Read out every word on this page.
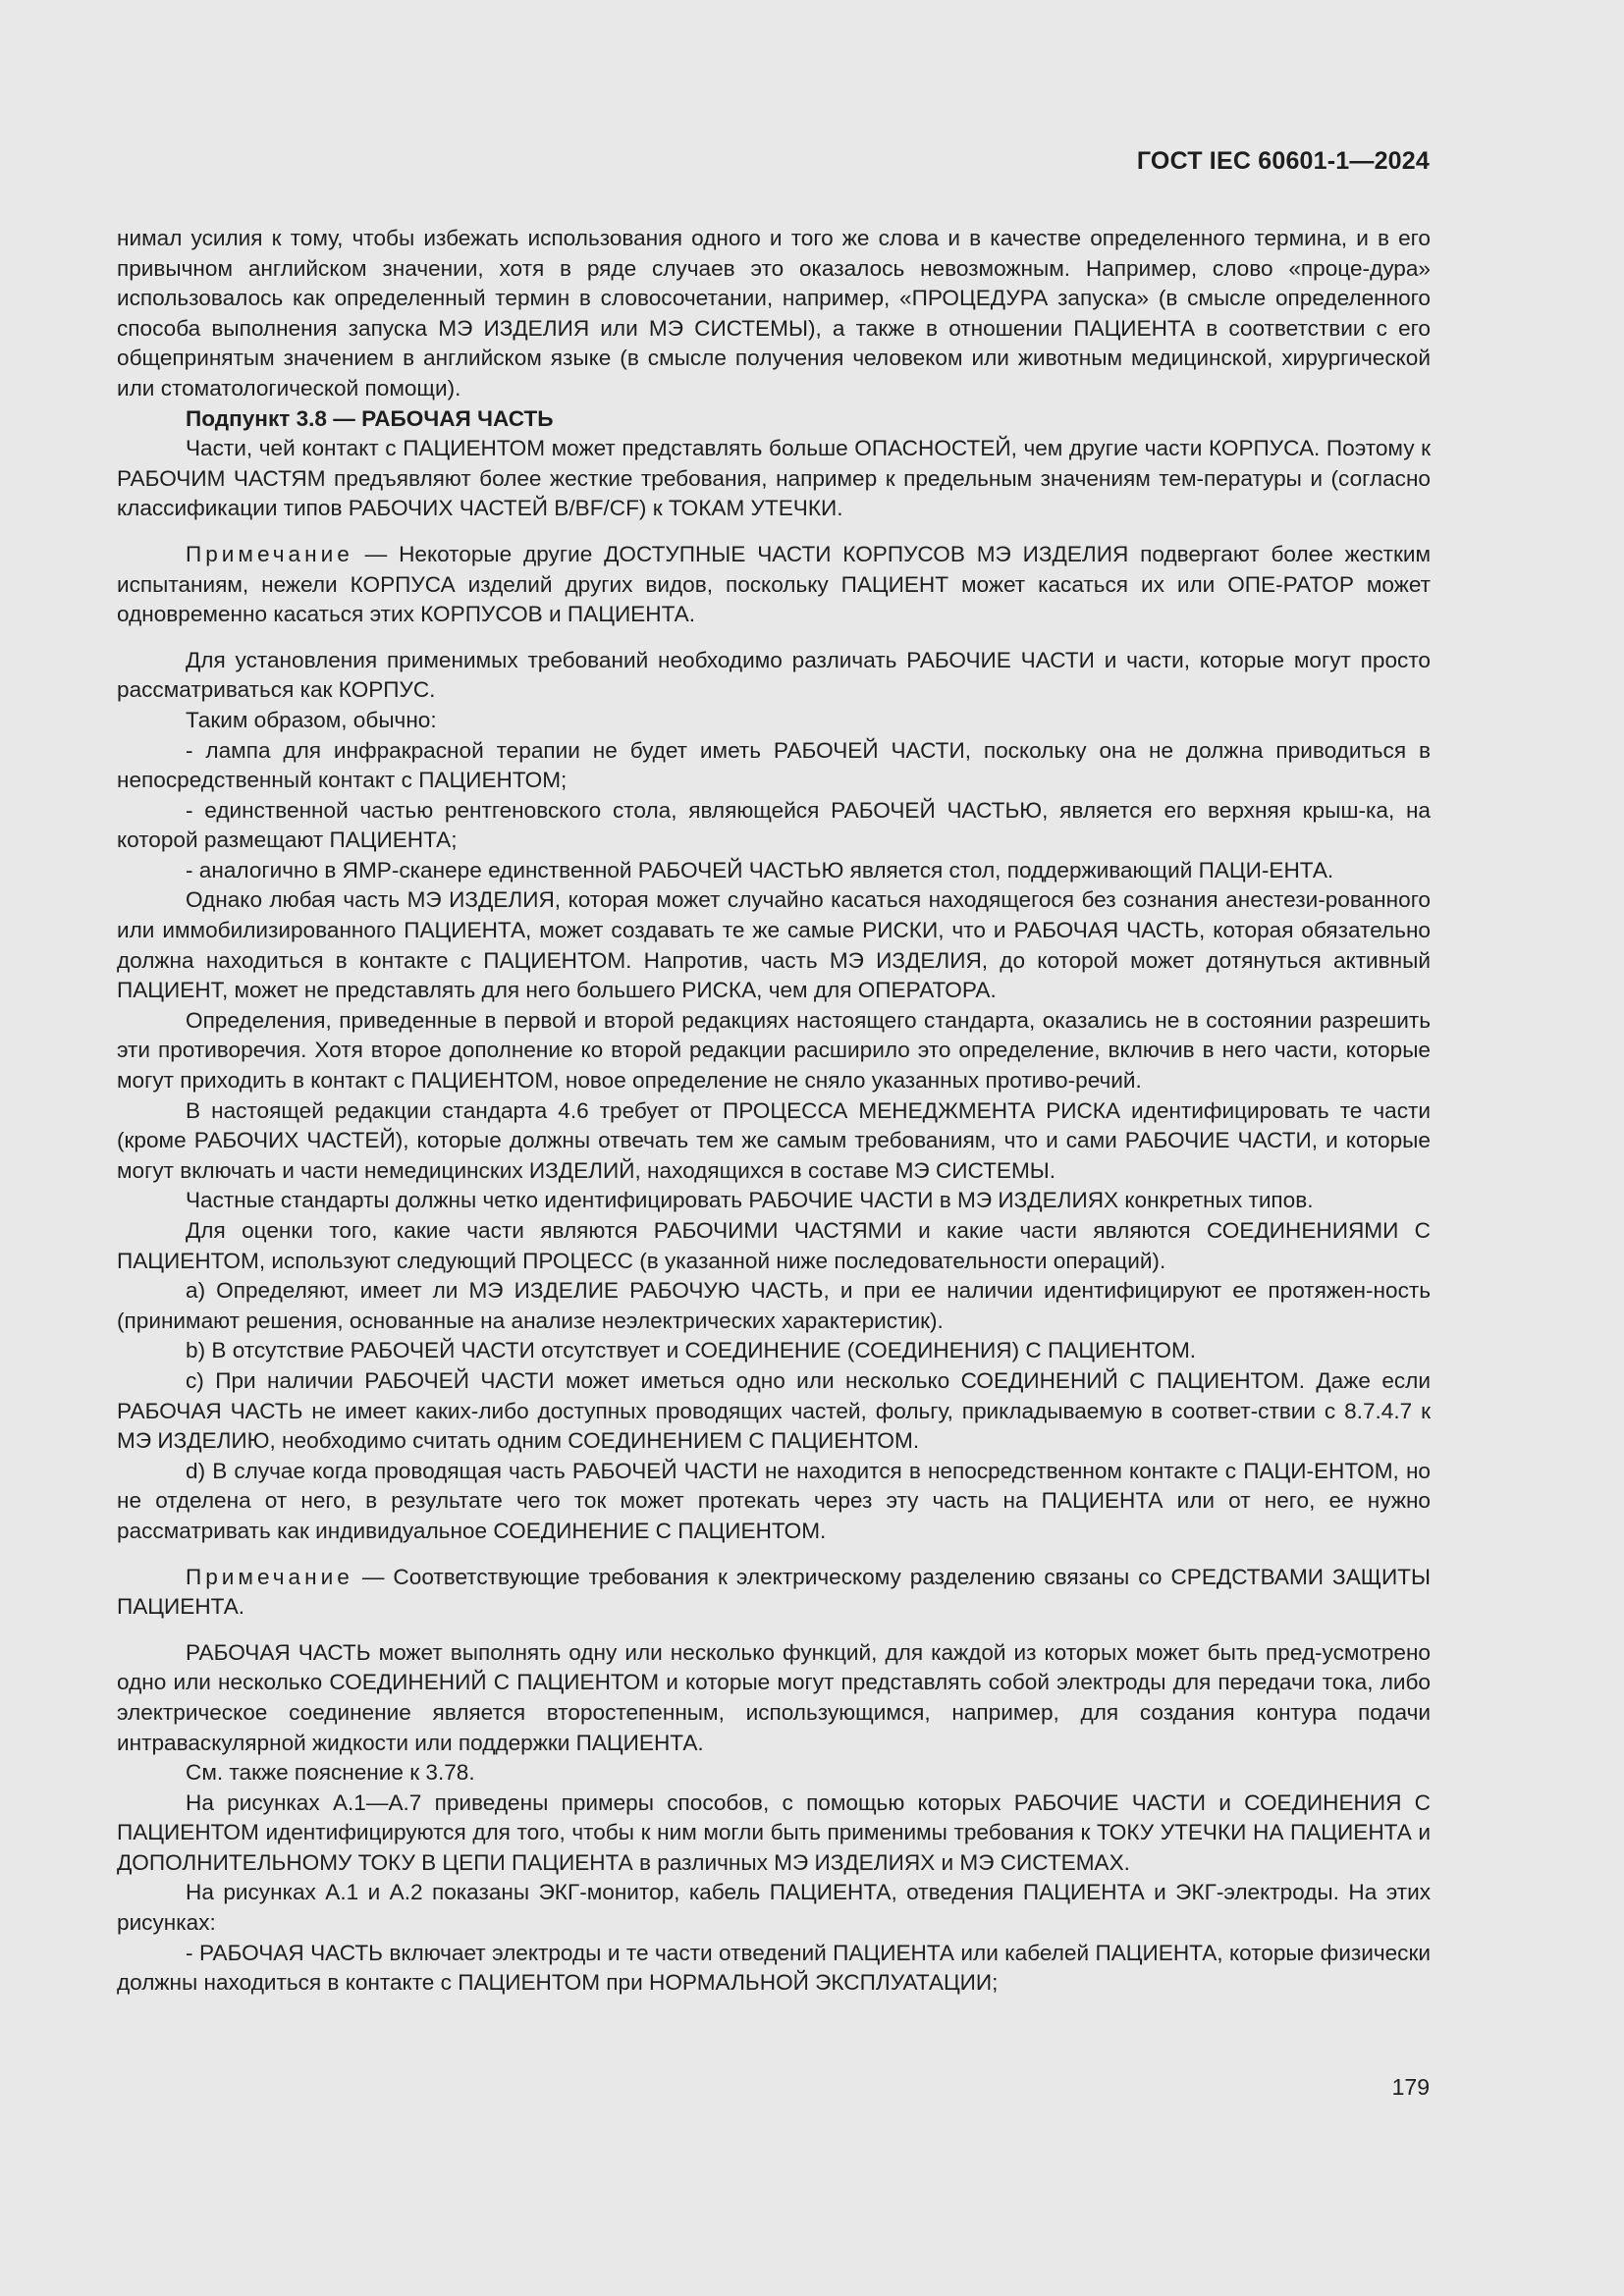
ГОСТ IEC 60601-1—2024

нимал усилия к тому, чтобы избежать использования одного и того же слова и в качестве определенного термина, и в его привычном английском значении, хотя в ряде случаев это оказалось невозможным. Например, слово «проце-дура» использовалось как определенный термин в словосочетании, например, «ПРОЦЕДУРА запуска» (в смысле определенного способа выполнения запуска МЭ ИЗДЕЛИЯ или МЭ СИСТЕМЫ), а также в отношении ПАЦИЕНТА в соответствии с его общепринятым значением в английском языке (в смысле получения человеком или животным медицинской, хирургической или стоматологической помощи).

Подпункт 3.8 — РАБОЧАЯ ЧАСТЬ

Части, чей контакт с ПАЦИЕНТОМ может представлять больше ОПАСНОСТЕЙ, чем другие части КОРПУСА. Поэтому к РАБОЧИМ ЧАСТЯМ предъявляют более жесткие требования, например к предельным значениям тем-пературы и (согласно классификации типов РАБОЧИХ ЧАСТЕЙ B/BF/CF) к ТОКАМ УТЕЧКИ.

Примечание — Некоторые другие ДОСТУПНЫЕ ЧАСТИ КОРПУСОВ МЭ ИЗДЕЛИЯ подвергают более жестким испытаниям, нежели КОРПУСА изделий других видов, поскольку ПАЦИЕНТ может касаться их или ОПЕ-РАТОР может одновременно касаться этих КОРПУСОВ и ПАЦИЕНТА.

Для установления применимых требований необходимо различать РАБОЧИЕ ЧАСТИ и части, которые могут просто рассматриваться как КОРПУС.

Таким образом, обычно:

- лампа для инфракрасной терапии не будет иметь РАБОЧЕЙ ЧАСТИ, поскольку она не должна приводиться в непосредственный контакт с ПАЦИЕНТОМ;

- единственной частью рентгеновского стола, являющейся РАБОЧЕЙ ЧАСТЬЮ, является его верхняя крыш-ка, на которой размещают ПАЦИЕНТА;

- аналогично в ЯМР-сканере единственной РАБОЧЕЙ ЧАСТЬЮ является стол, поддерживающий ПАЦИ-ЕНТА.

Однако любая часть МЭ ИЗДЕЛИЯ, которая может случайно касаться находящегося без сознания анестези-рованного или иммобилизированного ПАЦИЕНТА, может создавать те же самые РИСКИ, что и РАБОЧАЯ ЧАСТЬ, которая обязательно должна находиться в контакте с ПАЦИЕНТОМ. Напротив, часть МЭ ИЗДЕЛИЯ, до которой может дотянуться активный ПАЦИЕНТ, может не представлять для него большего РИСКА, чем для ОПЕРАТОРА.

Определения, приведенные в первой и второй редакциях настоящего стандарта, оказались не в состоянии разрешить эти противоречия. Хотя второе дополнение ко второй редакции расширило это определение, включив в него части, которые могут приходить в контакт с ПАЦИЕНТОМ, новое определение не сняло указанных противо-речий.

В настоящей редакции стандарта 4.6 требует от ПРОЦЕССА МЕНЕДЖМЕНТА РИСКА идентифицировать те части (кроме РАБОЧИХ ЧАСТЕЙ), которые должны отвечать тем же самым требованиям, что и сами РАБОЧИЕ ЧАСТИ, и которые могут включать и части немедицинских ИЗДЕЛИЙ, находящихся в составе МЭ СИСТЕМЫ.

Частные стандарты должны четко идентифицировать РАБОЧИЕ ЧАСТИ в МЭ ИЗДЕЛИЯХ конкретных типов.

Для оценки того, какие части являются РАБОЧИМИ ЧАСТЯМИ и какие части являются СОЕДИНЕНИЯМИ С ПАЦИЕНТОМ, используют следующий ПРОЦЕСС (в указанной ниже последовательности операций).

a) Определяют, имеет ли МЭ ИЗДЕЛИЕ РАБОЧУЮ ЧАСТЬ, и при ее наличии идентифицируют ее протяжен-ность (принимают решения, основанные на анализе неэлектрических характеристик).

b) В отсутствие РАБОЧЕЙ ЧАСТИ отсутствует и СОЕДИНЕНИЕ (СОЕДИНЕНИЯ) С ПАЦИЕНТОМ.

c) При наличии РАБОЧЕЙ ЧАСТИ может иметься одно или несколько СОЕДИНЕНИЙ С ПАЦИЕНТОМ. Даже если РАБОЧАЯ ЧАСТЬ не имеет каких-либо доступных проводящих частей, фольгу, прикладываемую в соответ-ствии с 8.7.4.7 к МЭ ИЗДЕЛИЮ, необходимо считать одним СОЕДИНЕНИЕМ С ПАЦИЕНТОМ.

d) В случае когда проводящая часть РАБОЧЕЙ ЧАСТИ не находится в непосредственном контакте с ПАЦИ-ЕНТОМ, но не отделена от него, в результате чего ток может протекать через эту часть на ПАЦИЕНТА или от него, ее нужно рассматривать как индивидуальное СОЕДИНЕНИЕ С ПАЦИЕНТОМ.

Примечание — Соответствующие требования к электрическому разделению связаны со СРЕДСТВАМИ ЗАЩИТЫ ПАЦИЕНТА.

РАБОЧАЯ ЧАСТЬ может выполнять одну или несколько функций, для каждой из которых может быть пред-усмотрено одно или несколько СОЕДИНЕНИЙ С ПАЦИЕНТОМ и которые могут представлять собой электроды для передачи тока, либо электрическое соединение является второстепенным, использующимся, например, для создания контура подачи интраваскулярной жидкости или поддержки ПАЦИЕНТА.

См. также пояснение к 3.78.

На рисунках А.1—А.7 приведены примеры способов, с помощью которых РАБОЧИЕ ЧАСТИ и СОЕДИНЕНИЯ С ПАЦИЕНТОМ идентифицируются для того, чтобы к ним могли быть применимы требования к ТОКУ УТЕЧКИ НА ПАЦИЕНТА и ДОПОЛНИТЕЛЬНОМУ ТОКУ В ЦЕПИ ПАЦИЕНТА в различных МЭ ИЗДЕЛИЯХ и МЭ СИСТЕМАХ.

На рисунках А.1 и А.2 показаны ЭКГ-монитор, кабель ПАЦИЕНТА, отведения ПАЦИЕНТА и ЭКГ-электроды. На этих рисунках:

- РАБОЧАЯ ЧАСТЬ включает электроды и те части отведений ПАЦИЕНТА или кабелей ПАЦИЕНТА, которые физически должны находиться в контакте с ПАЦИЕНТОМ при НОРМАЛЬНОЙ ЭКСПЛУАТАЦИИ;

179
